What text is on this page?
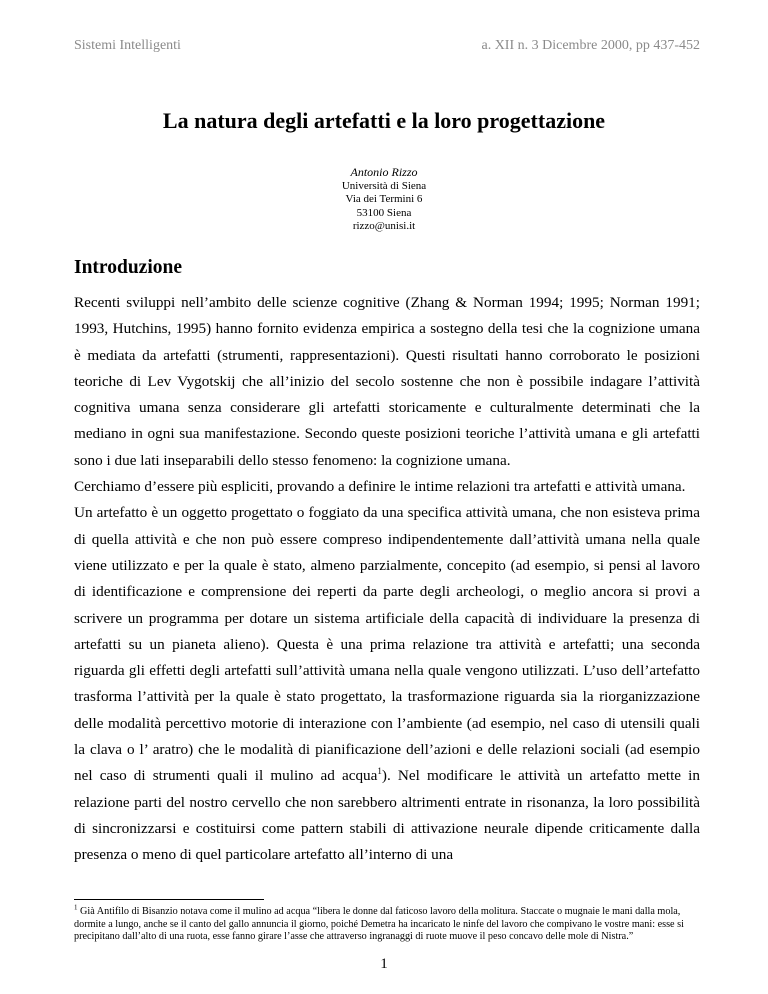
Sistemi Intelligenti	a. XII n. 3 Dicembre 2000, pp 437-452
La natura degli artefatti e la loro progettazione
Antonio Rizzo
Università di Siena
Via dei Termini 6
53100 Siena
rizzo@unisi.it
Introduzione

Recenti sviluppi nell’ambito delle scienze cognitive (Zhang & Norman 1994; 1995; Norman 1991; 1993, Hutchins, 1995) hanno fornito evidenza empirica a sostegno della tesi che la cognizione umana è mediata da artefatti (strumenti, rappresentazioni). Questi risultati hanno corroborato le posizioni teoriche di Lev Vygotskij che all’inizio del secolo sostenne che non è possibile indagare l’attività cognitiva umana senza considerare gli artefatti storicamente e culturalmente determinati che la mediano in ogni sua manifestazione. Secondo queste posizioni teoriche l’attività umana e gli artefatti sono i due lati inseparabili dello stesso fenomeno: la cognizione umana.

Cerchiamo d’essere più espliciti, provando a definire le intime relazioni tra artefatti e attività umana.

Un artefatto è un oggetto progettato o foggiato da una specifica attività umana, che non esisteva prima di quella attività e che non può essere compreso indipendentemente dall’attività umana nella quale viene utilizzato e per la quale è stato, almeno parzialmente, concepito (ad esempio, si pensi al lavoro di identificazione e comprensione dei reperti da parte degli archeologi, o meglio ancora si provi a scrivere un programma per dotare un sistema artificiale della capacità di individuare la presenza di artefatti su un pianeta alieno). Questa è una prima relazione tra attività e artefatti; una seconda riguarda gli effetti degli artefatti sull’attività umana nella quale vengono utilizzati. L’uso dell’artefatto trasforma l’attività per la quale è stato progettato, la trasformazione riguarda sia la riorganizzazione delle modalità percettivo motorie di interazione con l’ambiente (ad esempio, nel caso di utensili quali la clava o l’ aratro) che le modalità di pianificazione dell’azioni e delle relazioni sociali (ad esempio nel caso di strumenti quali il mulino ad acqua$^1$). Nel modificare le attività un artefatto mette in relazione parti del nostro cervello che non sarebbero altrimenti entrate in risonanza, la loro possibilità di sincronizzarsi e costituirsi come pattern stabili di attivazione neurale dipende criticamente dalla presenza o meno di quel particolare artefatto all’interno di una

$^1$ Già Antifilo di Bisanzio notava come il mulino ad acqua “libera le donne dal faticoso lavoro della molitura. Staccate o mugnaie le mani dalla mola, dormite a lungo, anche se il canto del gallo annuncia il giorno, poiché Demetra ha incaricato le ninfe del lavoro che compivano le vostre mani: esse si precipitano dall’alto di una ruota, esse fanno girare l’asse che attraverso ingranaggi di ruote muove il peso concavo delle mole di Nistra.”
1
